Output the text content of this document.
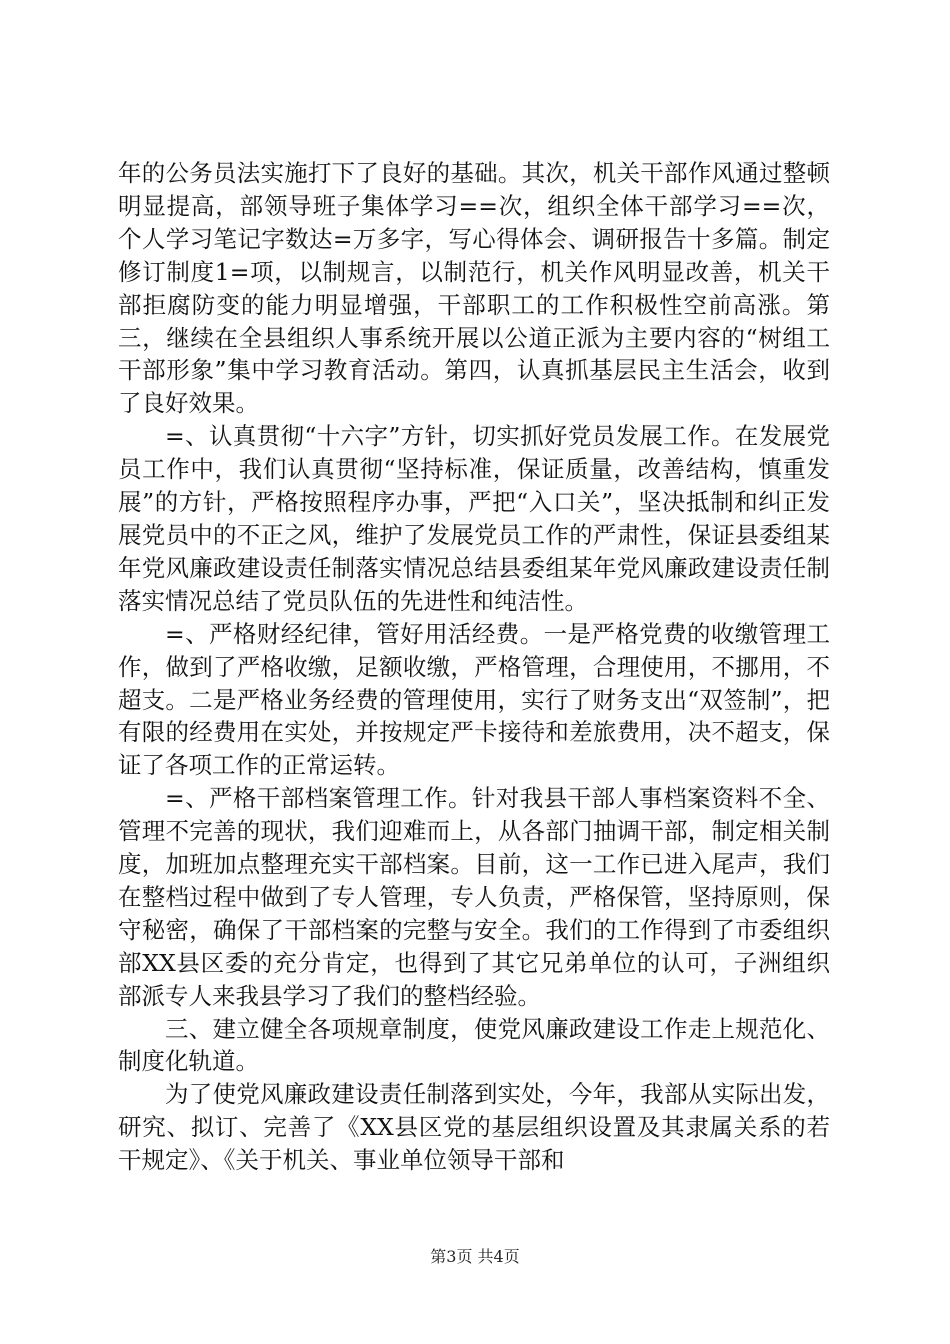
年的公务员法实施打下了良好的基础。其次，机关干部作风通过整顿明显提高，部领导班子集体学习==次，组织全体干部学习==次，个人学习笔记字数达=万多字，写心得体会、调研报告十多篇。制定修订制度1=项，以制规言，以制范行，机关作风明显改善，机关干部拒腐防变的能力明显增强，干部职工的工作积极性空前高涨。第三，继续在全县组织人事系统开展以公道正派为主要内容的“树组工干部形象”集中学习教育活动。第四，认真抓基层民主生活会，收到了良好效果。

=、认真贯彻“十六字”方针，切实抓好党员发展工作。在发展党员工作中，我们认真贯彻“坚持标准，保证质量，改善结构，慎重发展”的方针，严格按照程序办事，严把“入口关”，坚决抵制和纠正发展党员中的不正之风，维护了发展党员工作的严肃性，保证县委组某年党风廉政建设责任制落实情况总结县委组某年党风廉政建设责任制落实情况总结了党员队伍的先进性和纯洁性。

=、严格财经纪律，管好用活经费。一是严格党费的收缴管理工作，做到了严格收缴，足额收缴，严格管理，合理使用，不挪用，不超支。二是严格业务经费的管理使用，实行了财务支出“双签制”，把有限的经费用在实处，并按规定严卡接待和差旅费用，决不超支，保证了各项工作的正常运转。

=、严格干部档案管理工作。针对我县干部人事档案资料不全、管理不完善的现状，我们迎难而上，从各部门抽调干部，制定相关制度，加班加点整理充实干部档案。目前，这一工作已进入尾声，我们在整档过程中做到了专人管理，专人负责，严格保管，坚持原则，保守秘密，确保了干部档案的完整与安全。我们的工作得到了市委组织部XX县区委的充分肯定，也得到了其它兄弟单位的认可，子洲组织部派专人来我县学习了我们的整档经验。

三、建立健全各项规章制度，使党风廉政建设工作走上规范化、制度化轨道。

为了使党风廉政建设责任制落到实处，今年，我部从实际出发，研究、拟订、完善了《XX县区党的基层组织设置及其隶属关系的若干规定》、《关于机关、事业单位领导干部和

第3页 共4页
